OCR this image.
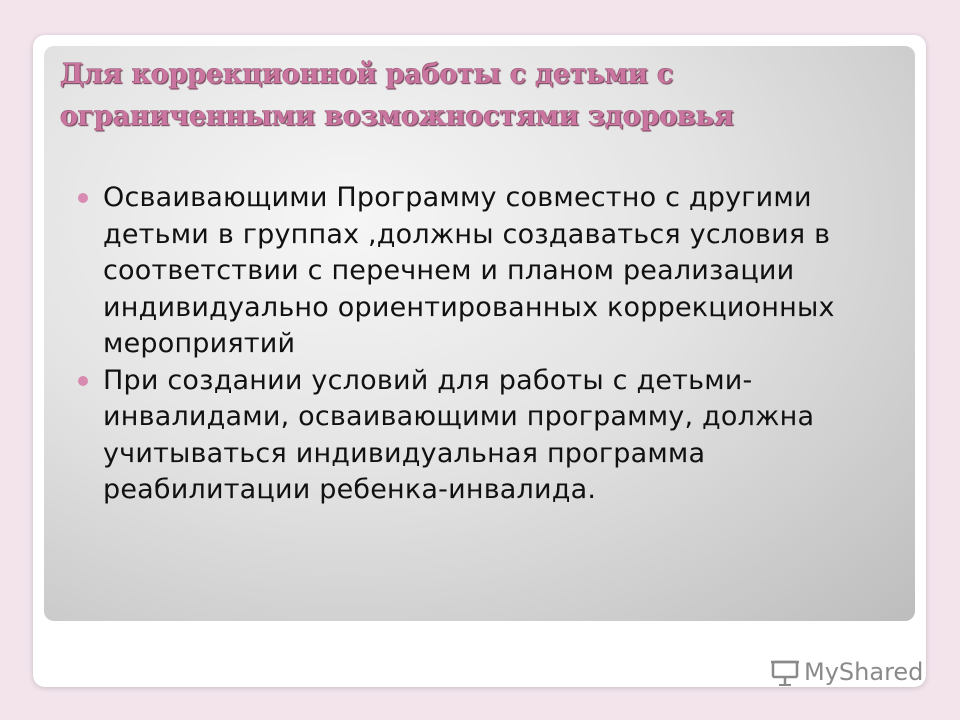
Для коррекционной работы с детьми с ограниченными возможностями здоровья
Осваивающими Программу совместно с другими детьми в группах ,должны создаваться условия в соответствии с перечнем и планом реализации индивидуально ориентированных коррекционных мероприятий
При создании условий для работы с детьми-инвалидами, осваивающими программу, должна учитываться индивидуальная программа реабилитации ребенка-инвалида.
MyShared
